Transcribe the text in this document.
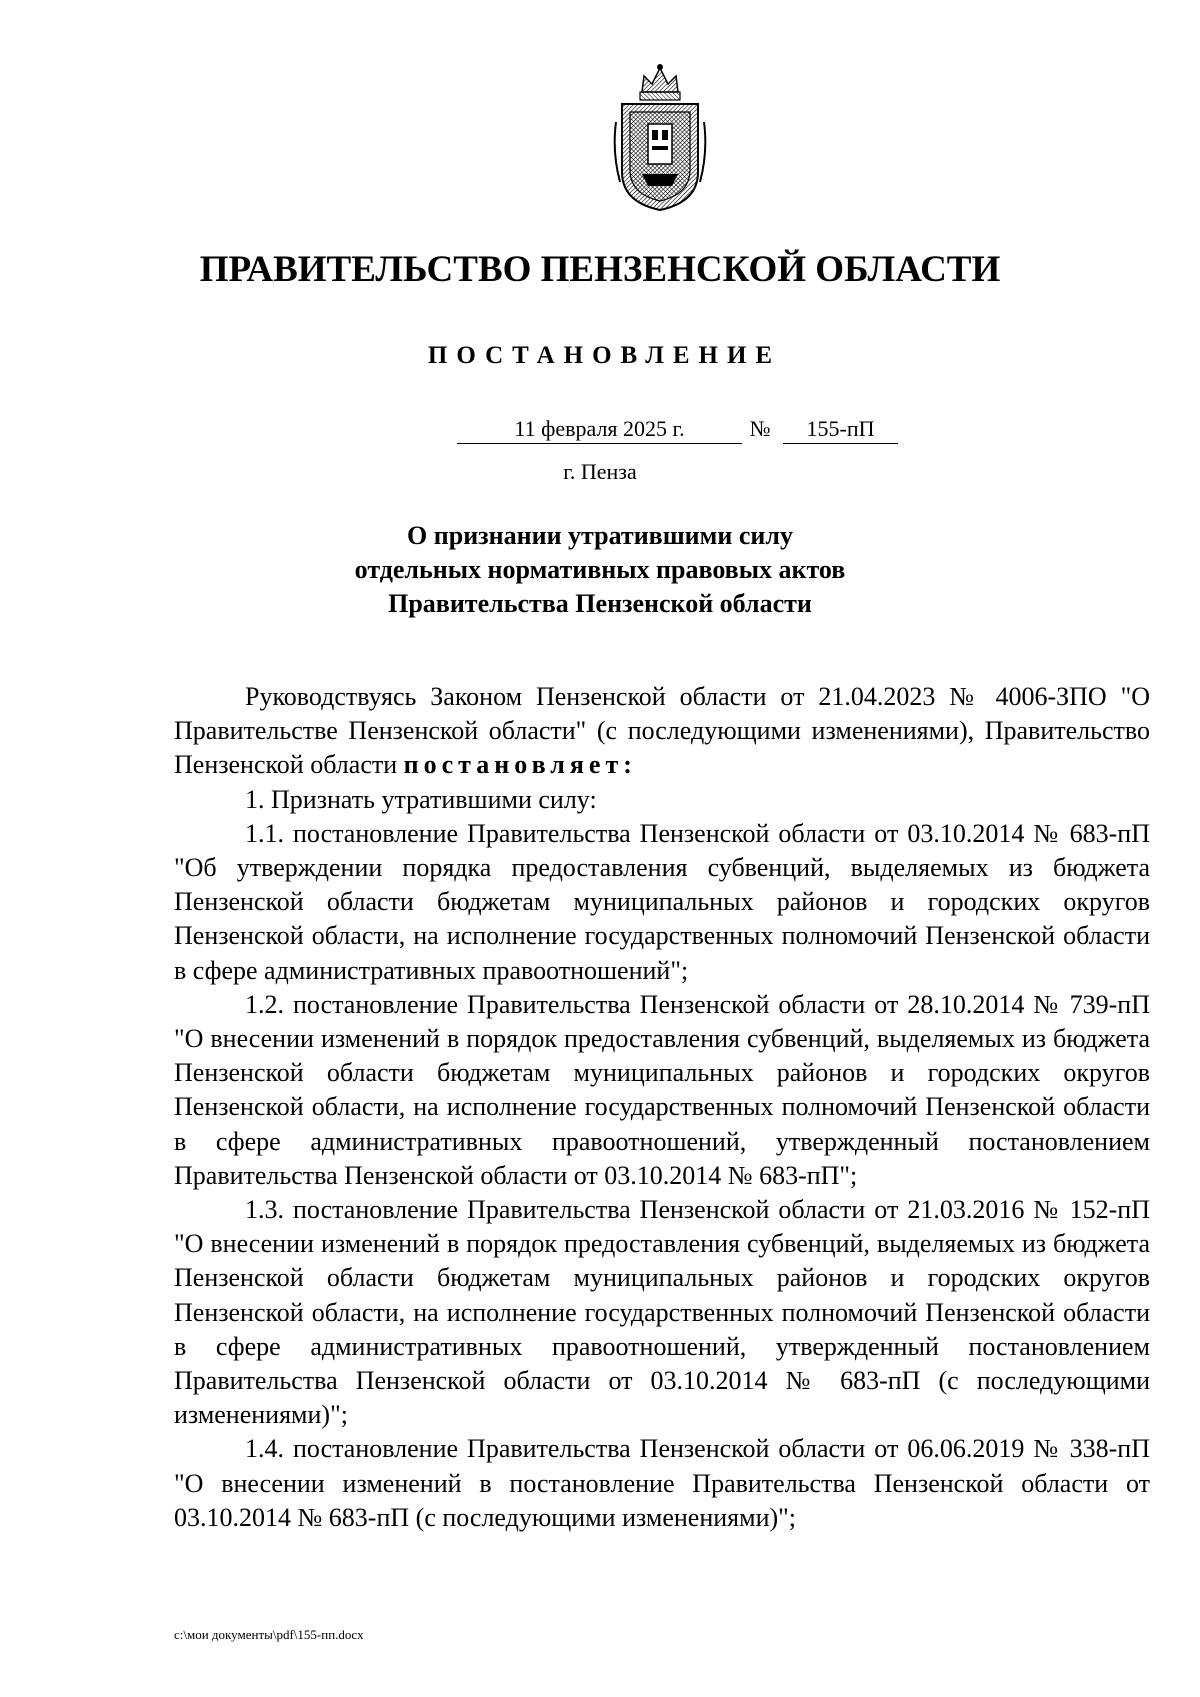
ПРАВИТЕЛЬСТВО ПЕНЗЕНСКОЙ ОБЛАСТИ
ПОСТАНОВЛЕНИЕ
11 февраля 2025 г.	№	155-пП
г. Пенза
О признании утратившими силу
отдельных нормативных правовых актов
Правительства Пензенской области

Руководствуясь Законом Пензенской области от 21.04.2023 № 4006-ЗПО "О Правительстве Пензенской области" (с последующими изменениями), Правительство Пензенской области постановляет:

1. Признать утратившими силу:

1.1. постановление Правительства Пензенской области от 03.10.2014 № 683-пП "Об утверждении порядка предоставления субвенций, выделяемых из бюджета Пензенской области бюджетам муниципальных районов и городских округов Пензенской области, на исполнение государственных полномочий Пензенской области в сфере административных правоотношений";

1.2. постановление Правительства Пензенской области от 28.10.2014 № 739-пП "О внесении изменений в порядок предоставления субвенций, выделяемых из бюджета Пензенской области бюджетам муниципальных районов и городских округов Пензенской области, на исполнение государственных полномочий Пензенской области в сфере административных правоотношений, утвержденный постановлением Правительства Пензенской области от 03.10.2014 № 683-пП";

1.3. постановление Правительства Пензенской области от 21.03.2016 № 152-пП "О внесении изменений в порядок предоставления субвенций, выделяемых из бюджета Пензенской области бюджетам муниципальных районов и городских округов Пензенской области, на исполнение государственных полномочий Пензенской области в сфере административных правоотношений, утвержденный постановлением Правительства Пензенской области от 03.10.2014 № 683-пП (с последующими изменениями)";

1.4. постановление Правительства Пензенской области от 06.06.2019 № 338-пП "О внесении изменений в постановление Правительства Пензенской области от 03.10.2014 № 683-пП (с последующими изменениями)";

c:\мои документы\pdf\155-пп.docx
